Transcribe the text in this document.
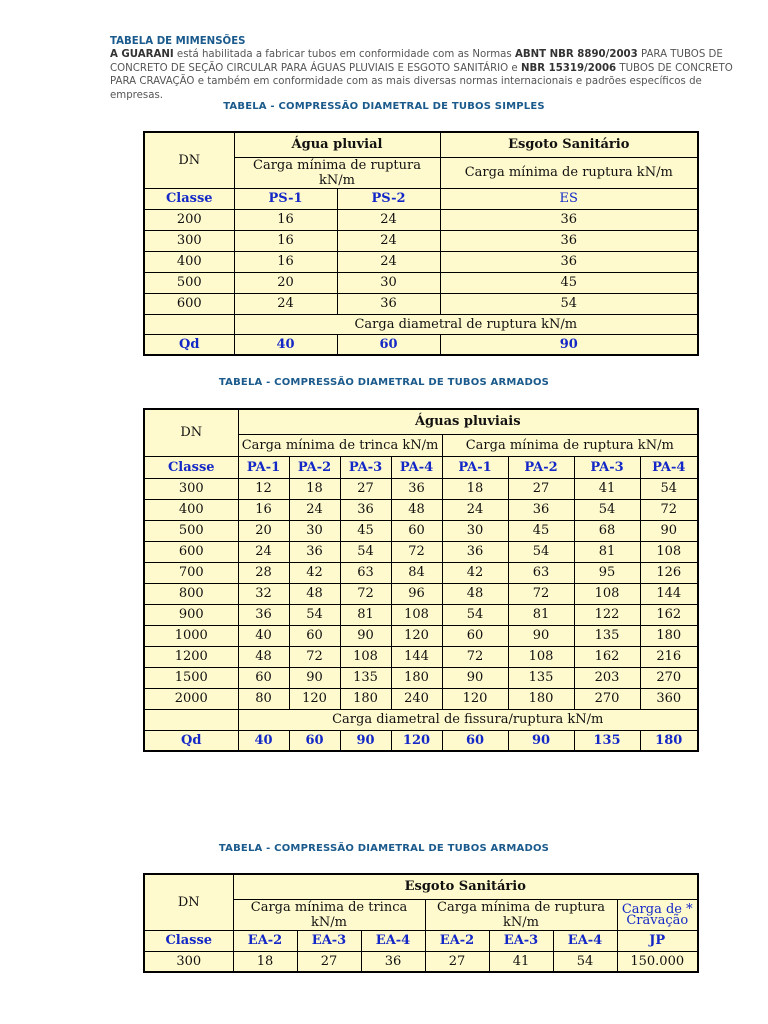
TABELA DE MIMENSÕES
A GUARANI está habilitada a fabricar tubos em conformidade com as Normas ABNT NBR 8890/2003 PARA TUBOS DE CONCRETO DE SEÇÃO CIRCULAR PARA ÁGUAS PLUVIAIS E ESGOTO SANITÁRIO e NBR 15319/2006 TUBOS DE CONCRETO PARA CRAVAÇÃO e também em conformidade com as mais diversas normas internacionais e padrões específicos de empresas.
TABELA - COMPRESSÃO DIAMETRAL DE TUBOS SIMPLES
DN	Água pluvial		Esgoto Sanitário
	Carga mínima de ruptura kN/m		Carga mínima de ruptura kN/m
Classe	PS-1	PS-2	ES
200	16	24	36
300	16	24	36
400	16	24	36
500	20	30	45
600	24	36	54
	Carga diametral de ruptura kN/m		
Qd	40	60	90
TABELA - COMPRESSÃO DIAMETRAL DE TUBOS ARMADOS
DN	Águas pluviais							
	Carga mínima de trinca kN/m				Carga mínima de ruptura kN/m			
Classe	PA-1	PA-2	PA-3	PA-4	PA-1	PA-2	PA-3	PA-4
300	12	18	27	36	18	27	41	54
400	16	24	36	48	24	36	54	72
500	20	30	45	60	30	45	68	90
600	24	36	54	72	36	54	81	108
700	28	42	63	84	42	63	95	126
800	32	48	72	96	48	72	108	144
900	36	54	81	108	54	81	122	162
1000	40	60	90	120	60	90	135	180
1200	48	72	108	144	72	108	162	216
1500	60	90	135	180	90	135	203	270
2000	80	120	180	240	120	180	270	360
	Carga diametral de fissura/ruptura kN/m							
Qd	40	60	90	120	60	90	135	180
TABELA - COMPRESSÃO DIAMETRAL DE TUBOS ARMADOS
DN	Esgoto Sanitário						
	Carga mínima de trinca kN/m			Carga mínima de ruptura kN/m			Carga de * Cravação
Classe	EA-2	EA-3	EA-4	EA-2	EA-3	EA-4	JP
300	18	27	36	27	41	54	150.000
